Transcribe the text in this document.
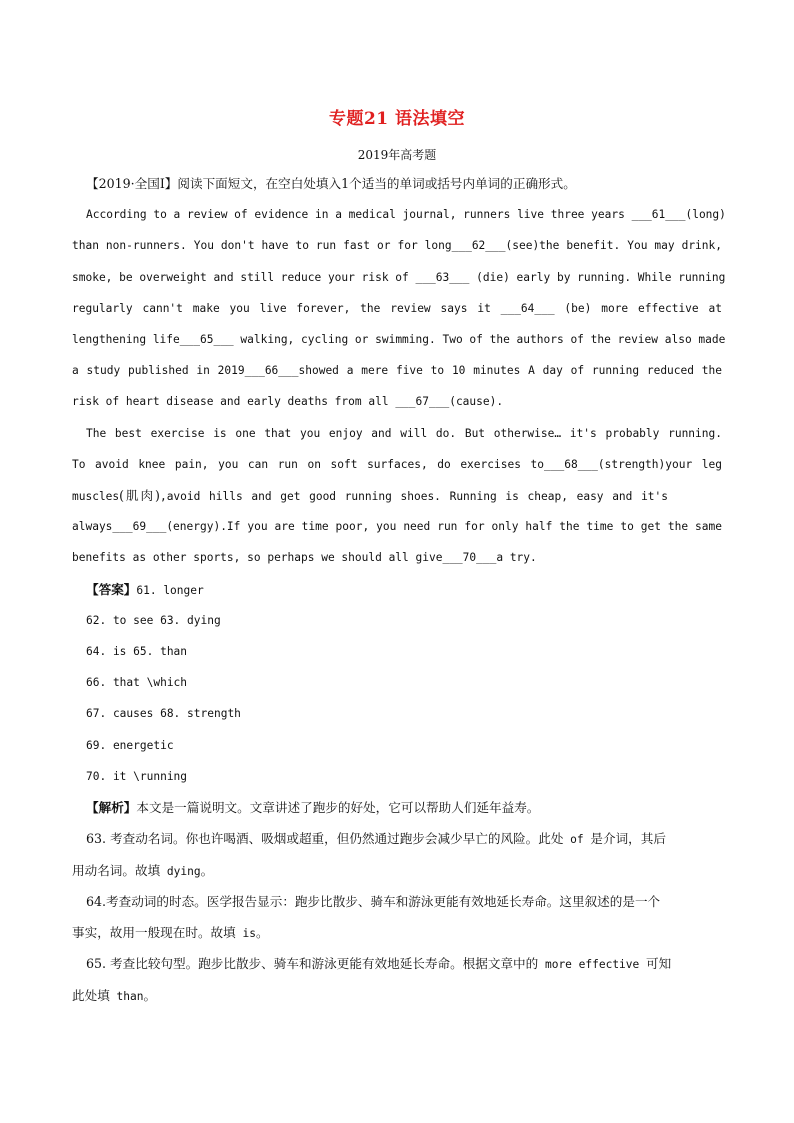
专题21 语法填空
2019年高考题
【2019·全国I】阅读下面短文，在空白处填入1个适当的单词或括号内单词的正确形式。
According to a review of evidence in a medical journal, runners live three years ___61___(long)
than non-runners. You don't have to run fast or for long___62___(see)the benefit. You may drink,
smoke, be overweight and still reduce your risk of ___63___ (die) early by running. While running
regularly cann't make you live forever, the review says it ___64___ (be) more effective at
lengthening life___65___ walking, cycling or swimming. Two of the authors of the review also made
a study published in 2019___66___showed a mere five to 10 minutes A day of running reduced the
risk of heart disease and early deaths from all ___67___(cause).
The best exercise is one that you enjoy and will do. But otherwise… it's probably running.
To avoid knee pain, you can run on soft surfaces, do exercises to___68___(strength)your leg
muscles(肌肉),avoid hills and get good running shoes. Running is cheap, easy and it's
always___69___(energy).If you are time poor, you need run for only half the time to get the same
benefits as other sports, so perhaps we should all give___70___a try.
【答案】61. longer
62. to see 63. dying
64. is 65. than
66. that \which
67. causes 68. strength
69. energetic
70. it \running
【解析】本文是一篇说明文。文章讲述了跑步的好处，它可以帮助人们延年益寿。
63. 考查动名词。你也许喝酒、吸烟或超重，但仍然通过跑步会减少早亡的风险。此处 of 是介词，其后
用动名词。故填 dying。
64.考查动词的时态。医学报告显示：跑步比散步、骑车和游泳更能有效地延长寿命。这里叙述的是一个
事实，故用一般现在时。故填 is。
65. 考查比较句型。跑步比散步、骑车和游泳更能有效地延长寿命。根据文章中的 more effective 可知
此处填 than。
